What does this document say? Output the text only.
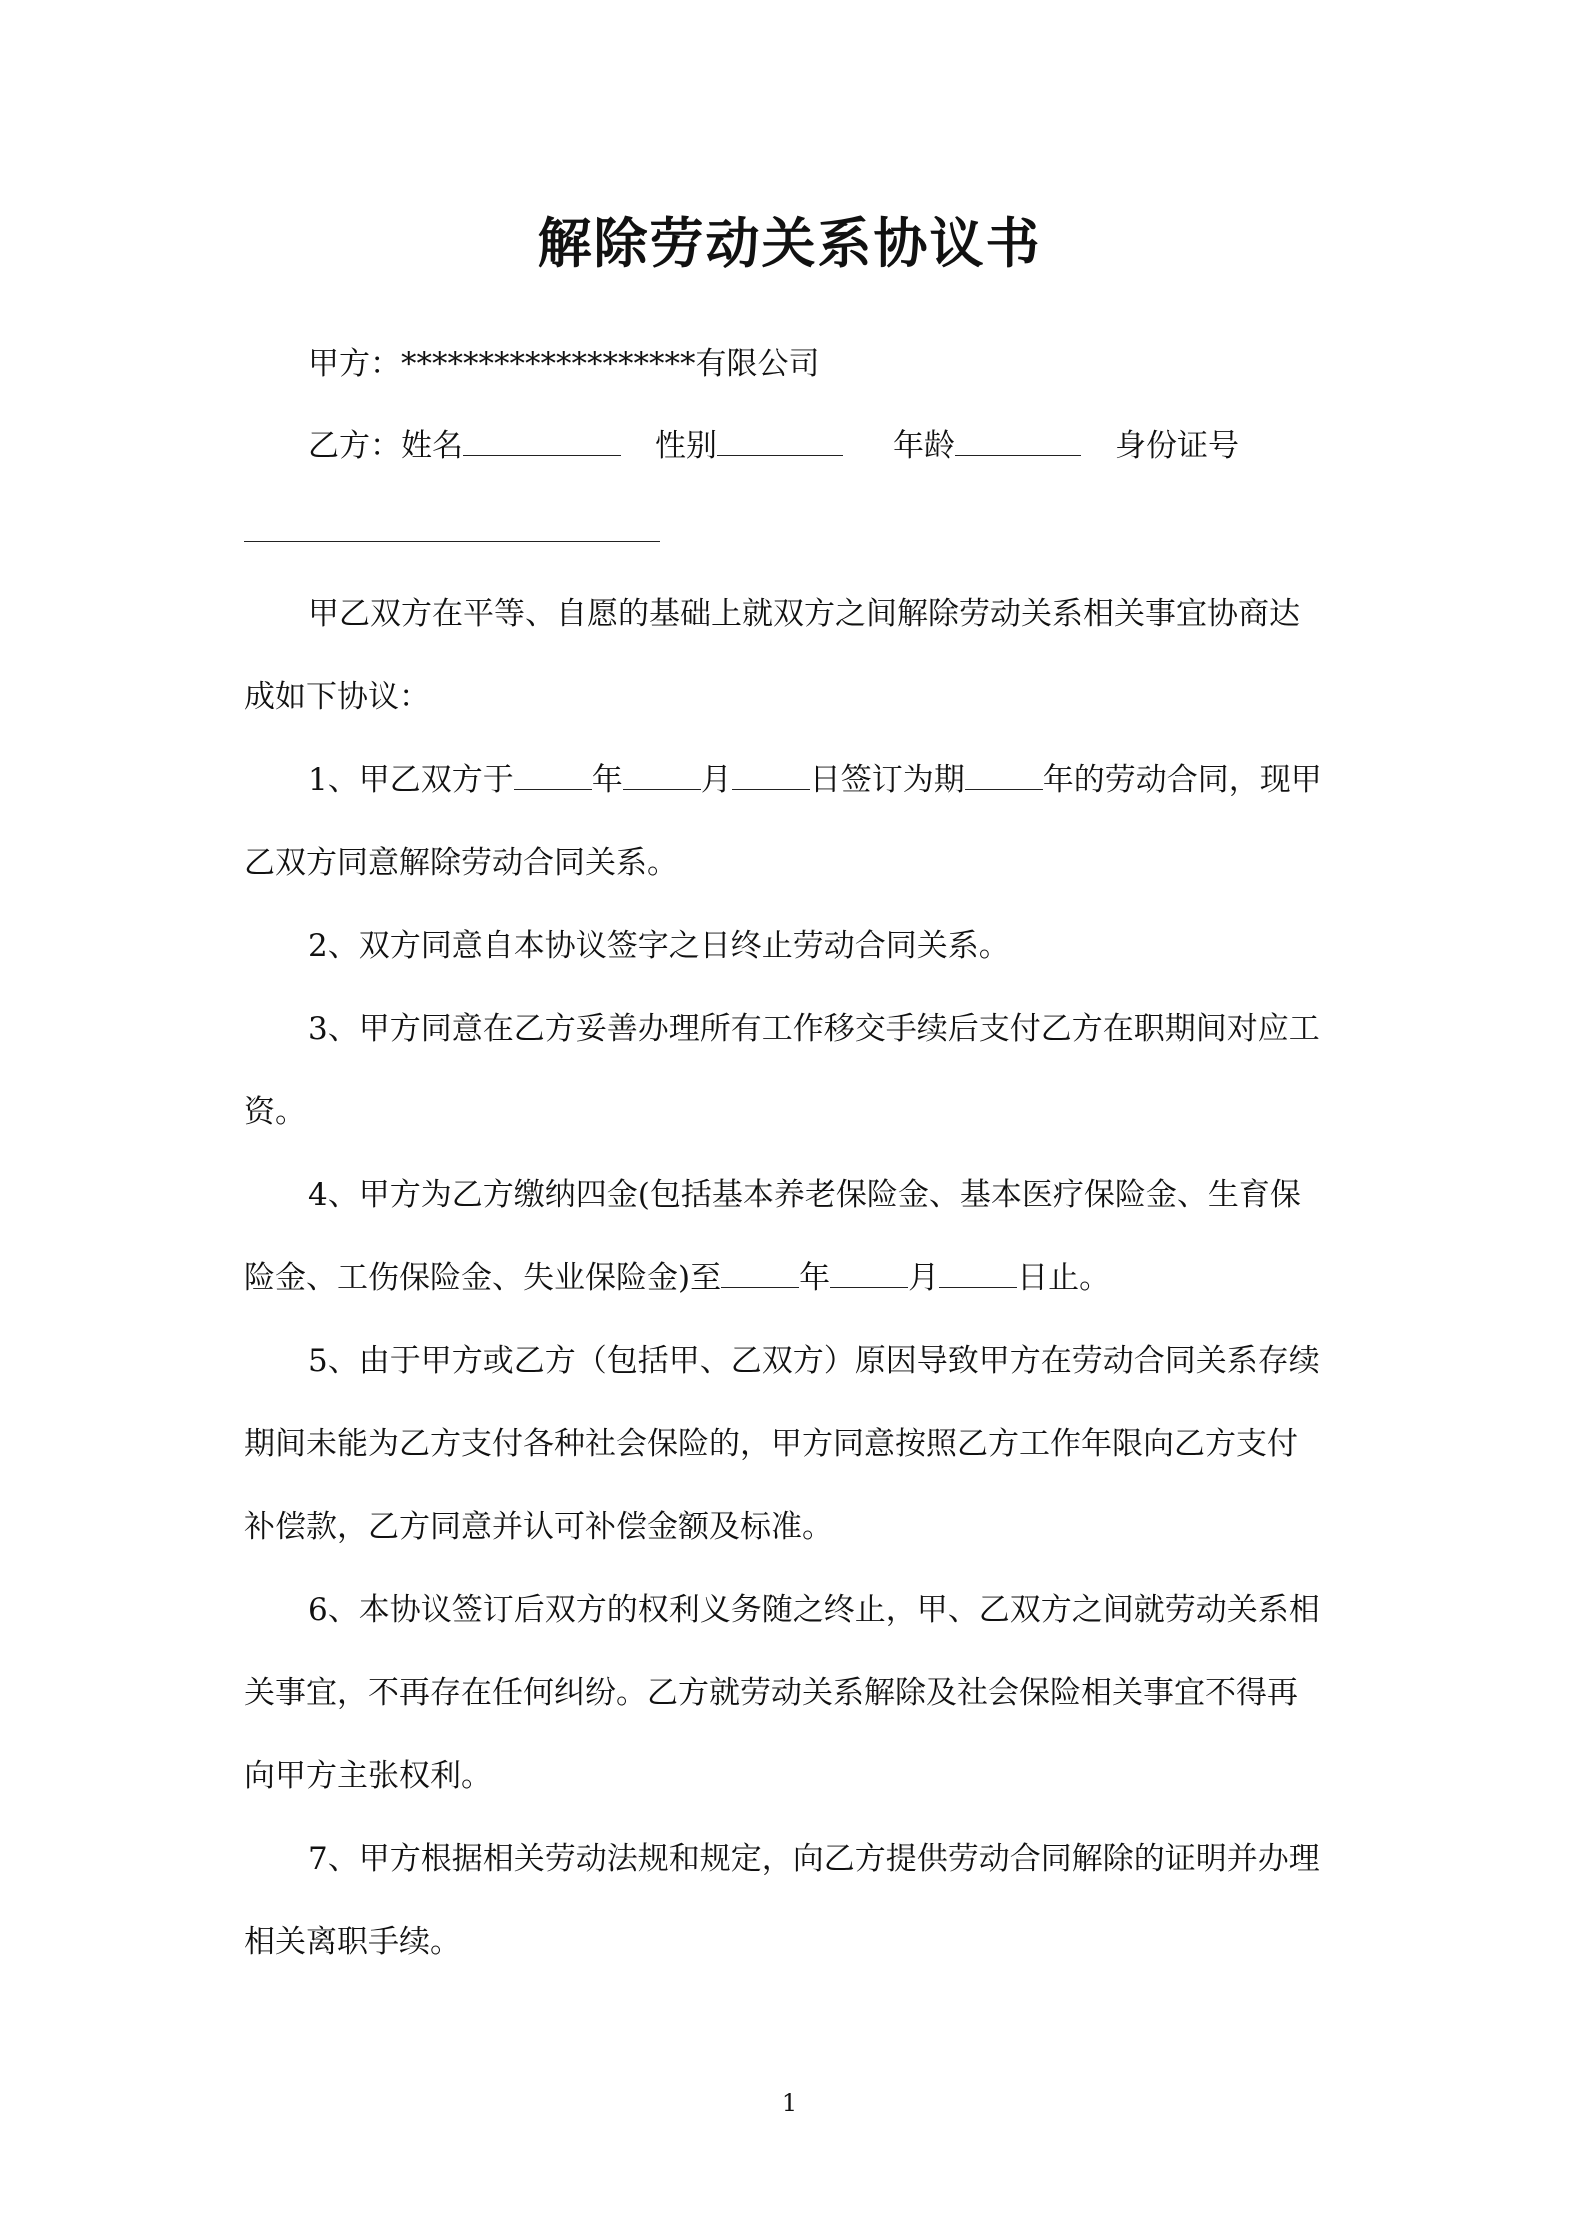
解除劳动关系协议书
甲方：*******************有限公司
乙方：姓名	性别	年龄	身份证号
甲乙双方在平等、自愿的基础上就双方之间解除劳动关系相关事宜协商达
成如下协议：
1、甲乙双方于	年	月	日签订为期	年的劳动合同，现甲
乙双方同意解除劳动合同关系。
2、双方同意自本协议签字之日终止劳动合同关系。
3、甲方同意在乙方妥善办理所有工作移交手续后支付乙方在职期间对应工
资。
4、甲方为乙方缴纳四金(包括基本养老保险金、基本医疗保险金、生育保
险金、工伤保险金、失业保险金)至	年	月	日止。
5、由于甲方或乙方（包括甲、乙双方）原因导致甲方在劳动合同关系存续
期间未能为乙方支付各种社会保险的，甲方同意按照乙方工作年限向乙方支付
补偿款，乙方同意并认可补偿金额及标准。
6、本协议签订后双方的权利义务随之终止，甲、乙双方之间就劳动关系相
关事宜，不再存在任何纠纷。乙方就劳动关系解除及社会保险相关事宜不得再
向甲方主张权利。
7、甲方根据相关劳动法规和规定，向乙方提供劳动合同解除的证明并办理
相关离职手续。
1
